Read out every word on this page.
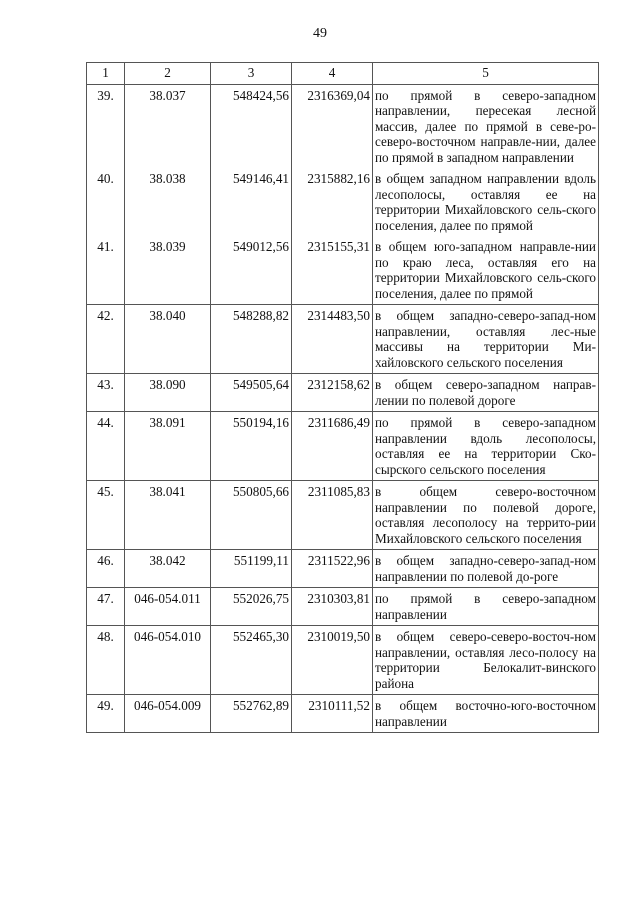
49
1	2	3	4	5
39.	38.037	548424,56	2316369,04	по прямой в северо-западном направлении, пересекая лесной массив, далее по прямой в севе-ро-северо-восточном направле-нии, далее по прямой в западном направлении
40.	38.038	549146,41	2315882,16	в общем западном направлении вдоль лесополосы, оставляя ее на территории Михайловского сель-ского поселения, далее по прямой
41.	38.039	549012,56	2315155,31	в общем юго-западном направле-нии по краю леса, оставляя его на территории Михайловского сель-ского поселения, далее по прямой
42.	38.040	548288,82	2314483,50	в общем западно-северо-запад-ном направлении, оставляя лес-ные массивы на территории Ми-хайловского сельского поселения
43.	38.090	549505,64	2312158,62	в общем северо-западном направ-лении по полевой дороге
44.	38.091	550194,16	2311686,49	по прямой в северо-западном направлении вдоль лесополосы, оставляя ее на территории Ско-сырского сельского поселения
45.	38.041	550805,66	2311085,83	в общем северо-восточном направлении по полевой дороге, оставляя лесополосу на террито-рии Михайловского сельского поселения
46.	38.042	551199,11	2311522,96	в общем западно-северо-запад-ном направлении по полевой до-роге
47.	046-054.011	552026,75	2310303,81	по прямой в северо-западном направлении
48.	046-054.010	552465,30	2310019,50	в общем северо-северо-восточ-ном направлении, оставляя лесо-полосу на территории Белокалит-винского района
49.	046-054.009	552762,89	2310111,52	в общем восточно-юго-восточном направлении
